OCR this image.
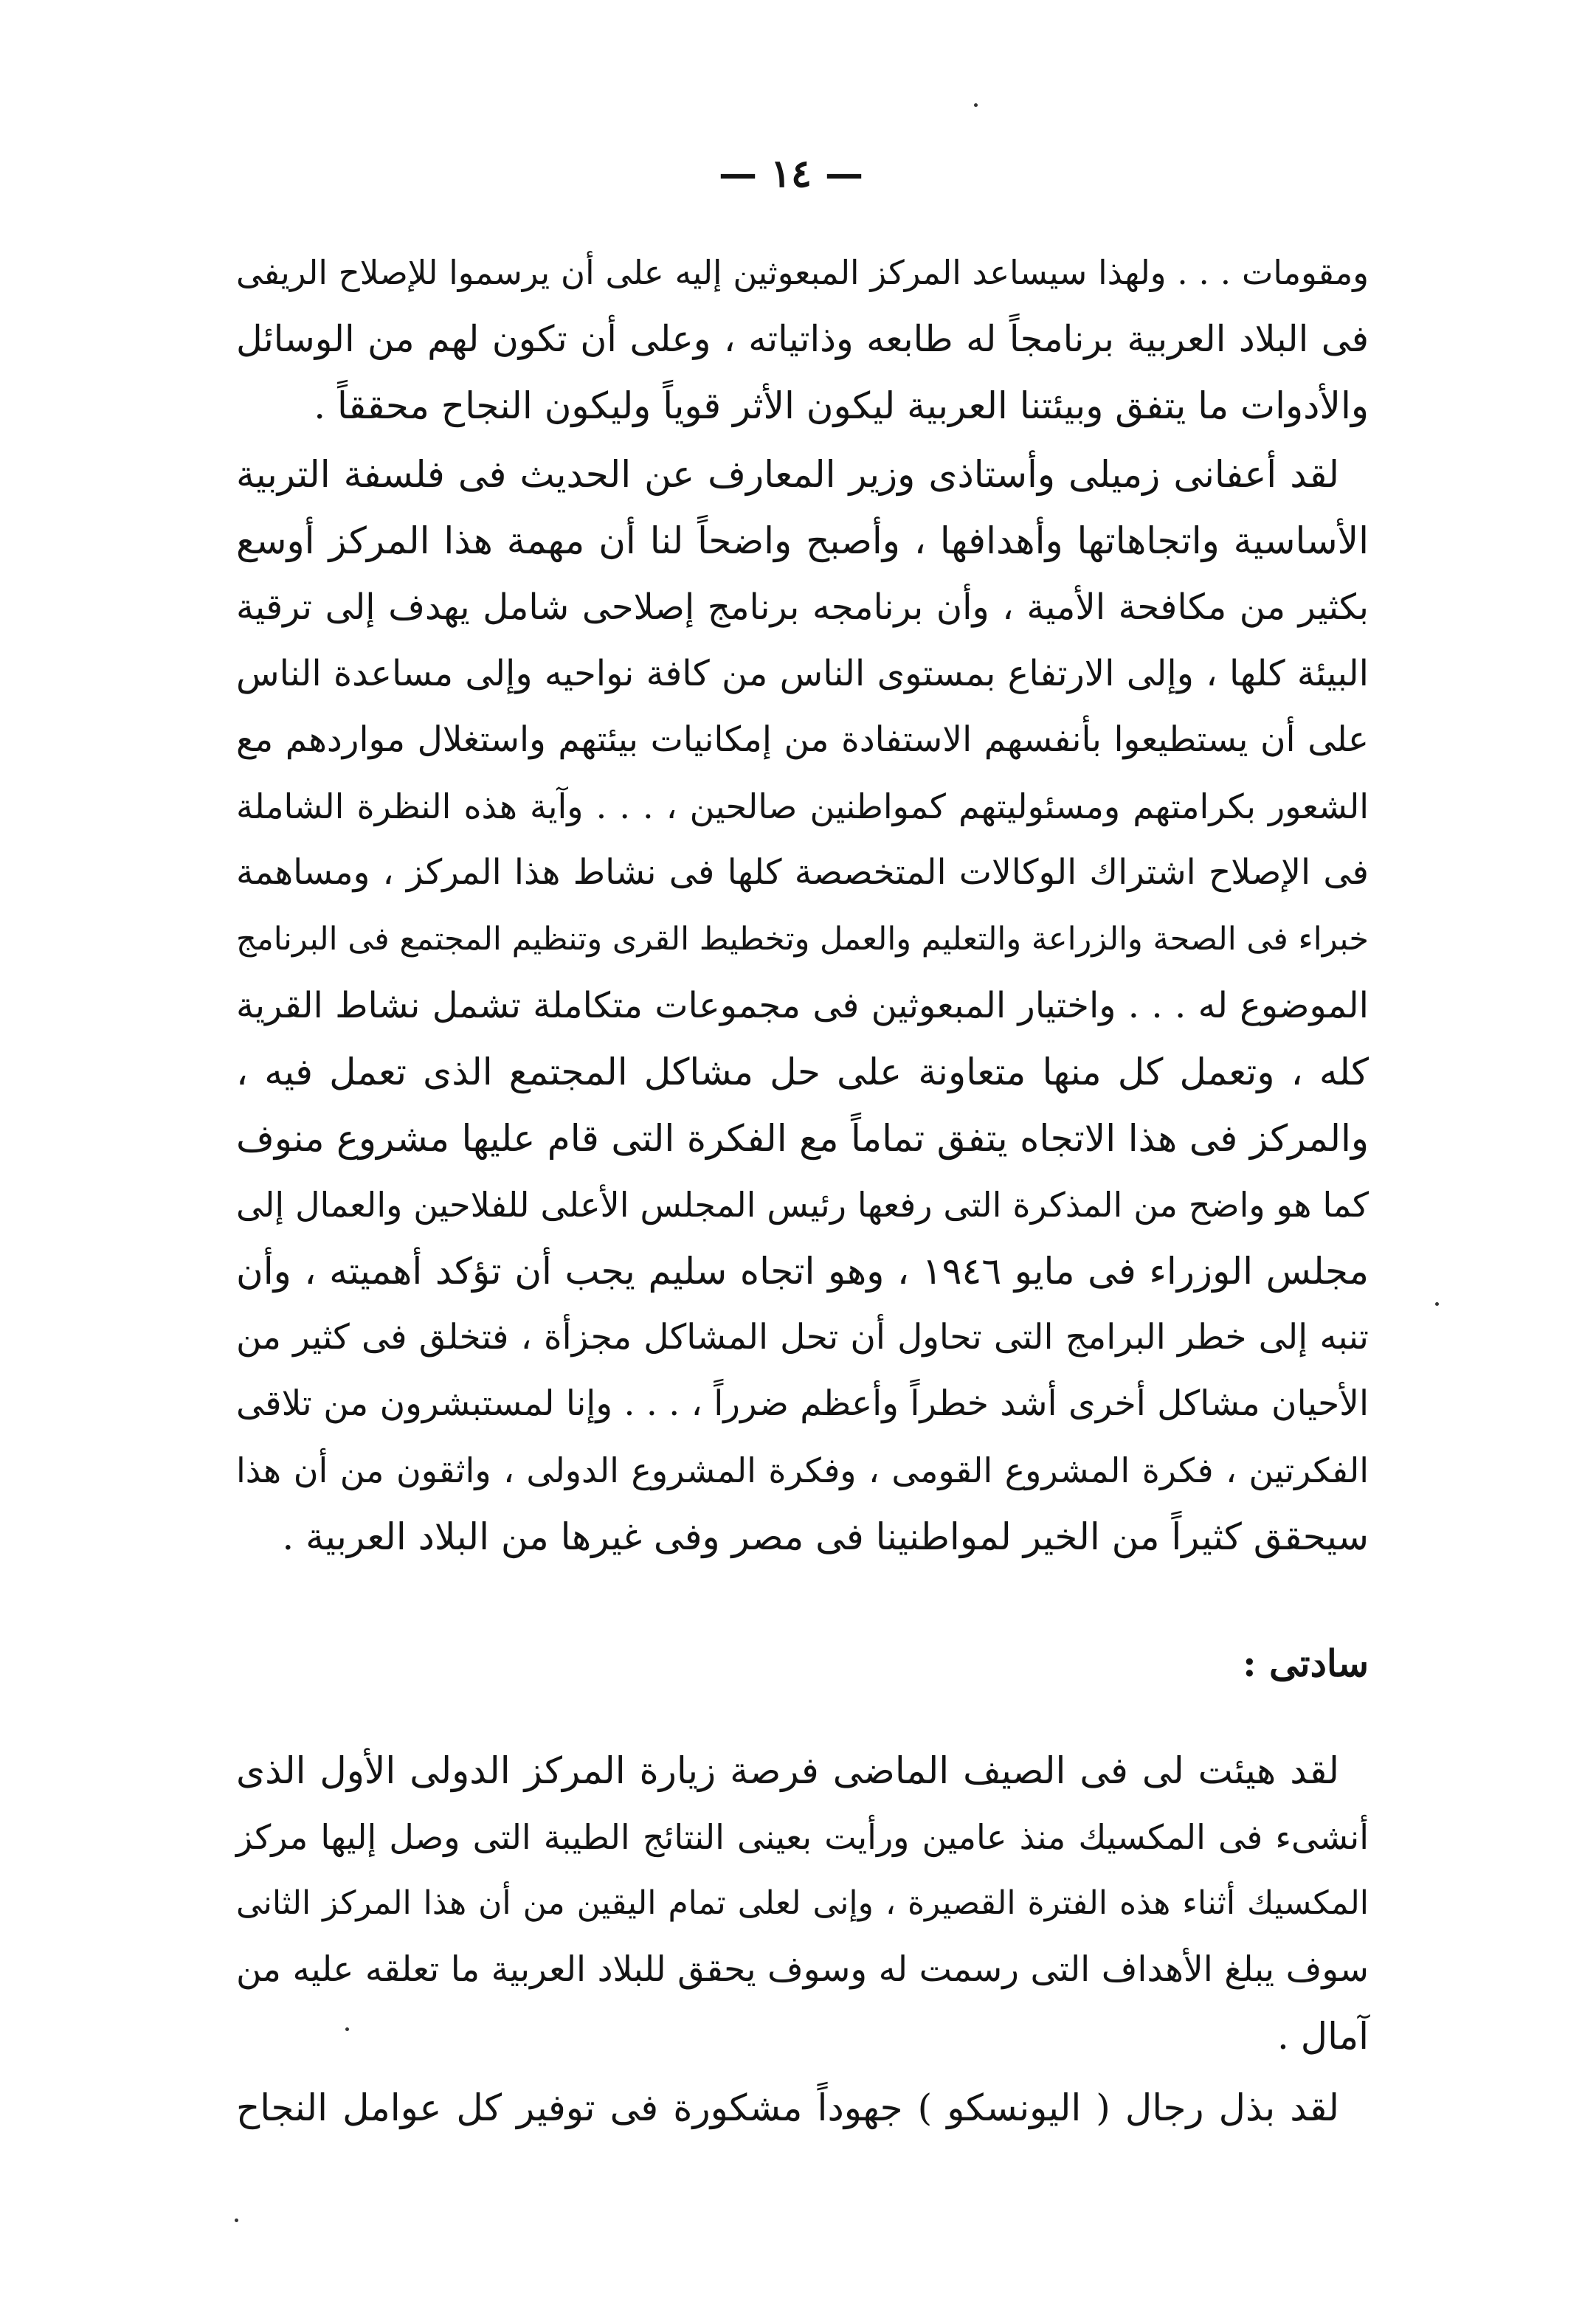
— ١٤ —
ومقومات . . . ولهذا سيساعد المركز المبعوثين إليه على أن يرسموا للإصلاح الريفى
فى البلاد العربية برنامجاً له طابعه وذاتياته ، وعلى أن تكون لهم من الوسائل
والأدوات ما يتفق وبيئتنا العربية ليكون الأثر قوياً وليكون النجاح محققاً .
لقد أعفانى زميلى وأستاذى وزير المعارف عن الحديث فى فلسفة التربية
الأساسية واتجاهاتها وأهدافها ، وأصبح واضحاً لنا أن مهمة هذا المركز أوسع
بكثير من مكافحة الأمية ، وأن برنامجه برنامج إصلاحى شامل يهدف إلى ترقية
البيئة كلها ، وإلى الارتفاع بمستوى الناس من كافة نواحيه وإلى مساعدة الناس
على أن يستطيعوا بأنفسهم الاستفادة من إمكانيات بيئتهم واستغلال مواردهم مع
الشعور بكرامتهم ومسئوليتهم كمواطنين صالحين ، . . . وآية هذه النظرة الشاملة
فى الإصلاح اشتراك الوكالات المتخصصة كلها فى نشاط هذا المركز ، ومساهمة
خبراء فى الصحة والزراعة والتعليم والعمل وتخطيط القرى وتنظيم المجتمع فى البرنامج
الموضوع له . . . واختيار المبعوثين فى مجموعات متكاملة تشمل نشاط القرية
كله ، وتعمل كل منها متعاونة على حل مشاكل المجتمع الذى تعمل فيه ،
والمركز فى هذا الاتجاه يتفق تماماً مع الفكرة التى قام عليها مشروع منوف
كما هو واضح من المذكرة التى رفعها رئيس المجلس الأعلى للفلاحين والعمال إلى
مجلس الوزراء فى مايو ١٩٤٦ ، وهو اتجاه سليم يجب أن تؤكد أهميته ، وأن
تنبه إلى خطر البرامج التى تحاول أن تحل المشاكل مجزأة ، فتخلق فى كثير من
الأحيان مشاكل أخرى أشد خطراً وأعظم ضرراً ، . . . وإنا لمستبشرون من تلاقى
الفكرتين ، فكرة المشروع القومى ، وفكرة المشروع الدولى ، واثقون من أن هذا
سيحقق كثيراً من الخير لمواطنينا فى مصر وفى غيرها من البلاد العربية .
سادتى :
لقد هيئت لى فى الصيف الماضى فرصة زيارة المركز الدولى الأول الذى
أنشىء فى المكسيك منذ عامين ورأيت بعينى النتائج الطيبة التى وصل إليها مركز
المكسيك أثناء هذه الفترة القصيرة ، وإنى لعلى تمام اليقين من أن هذا المركز الثانى
سوف يبلغ الأهداف التى رسمت له وسوف يحقق للبلاد العربية ما تعلقه عليه من
آمال .
لقد بذل رجال ( اليونسكو ) جهوداً مشكورة فى توفير كل عوامل النجاح
